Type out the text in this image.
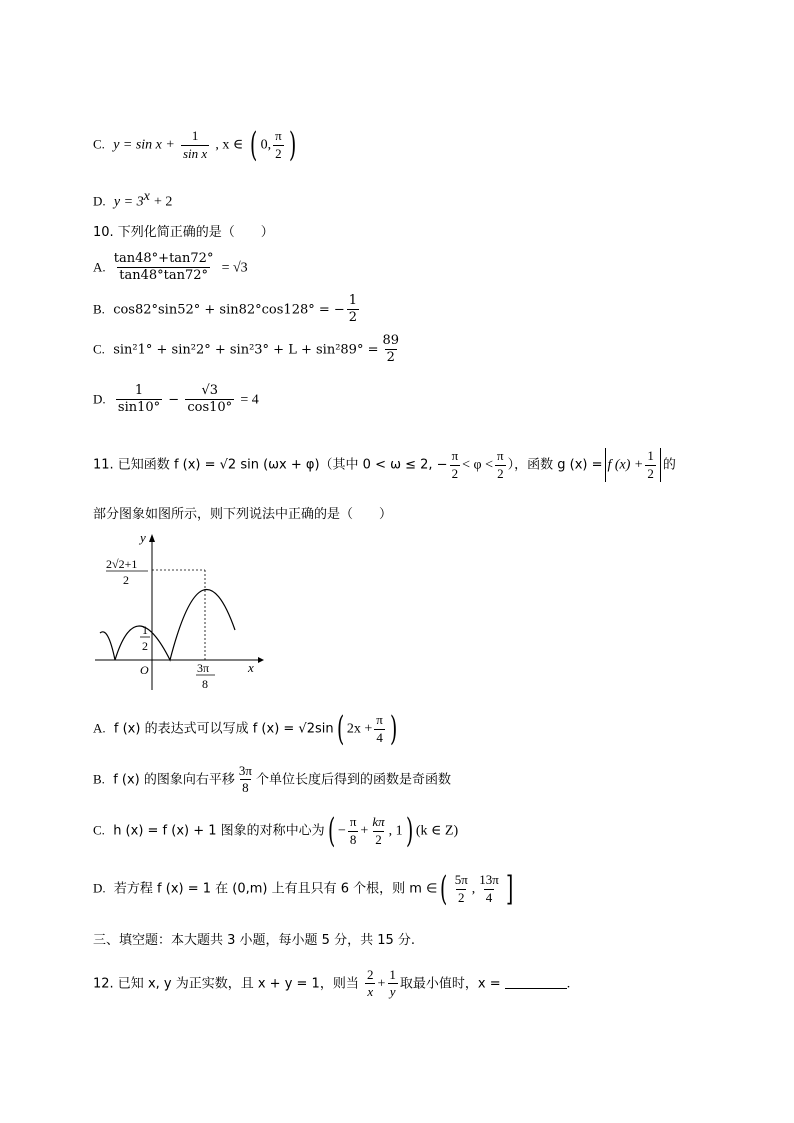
C. $y = \sin x + \frac{1}{\text{sin x}}$ , x ∈ ( 0, $\frac{\pi}{2}$ )
D. $y = 3^x + 2$
10. 下列化简正确的是（　　）
A. $\frac{\tan 48^\circ+\tan 72^\circ}{\tan 48^\circ\tan 72^\circ} = √3$
B. cos82°sin52° + sin82°cos128° = − $\frac{1}{2}$
C. $\sin^21^\circ + \sin^22^\circ + \sin^23^\circ + L + \sin^289^\circ = \frac{89}{2}$
D. $\frac{1}{\sin 10^\circ} - \frac{√3}{\cos 10^\circ} = 4$
11. 已知函数 f (x) = √2 sin (ωx + φ)（其中 0 < ω ≤ 2, − $\frac{\pi}{2} < \varphi < \frac{\pi}{2}$ ），函数 g (x) = f $(x) + \frac{1}{2}$ 的
部分图象如图所示，则下列说法中正确的是（　　）
y
x
O
2√2+1
2
1
2
3π
8
A. f (x) 的表达式可以写成 f (x) = √2sin( $2x + \frac{\pi}{4}$ )
B. f (x) 的图象向右平移 $\frac{3\pi}{8}$ 个单位长度后得到的函数是奇函数
C. h (x) = f (x) + 1 图象的对称中心为( − $\frac{\pi}{8} + \frac{k\pi}{2}$ , 1) (k ∈ Z)
D. 若方程 f (x) = 1 在 (0,m) 上有且只有 6 个根，则 m ∈( $\frac{5\pi}{2}$ , $\frac{13\pi}{4}$ ]
三、填空题：本大题共 3 小题，每小题 5 分，共 15 分.
12. 已知 x, y 为正实数，且 x + y = 1，则当 $\frac{2}{x} + \frac{1}{y}$ 取最小值时，x =	.
